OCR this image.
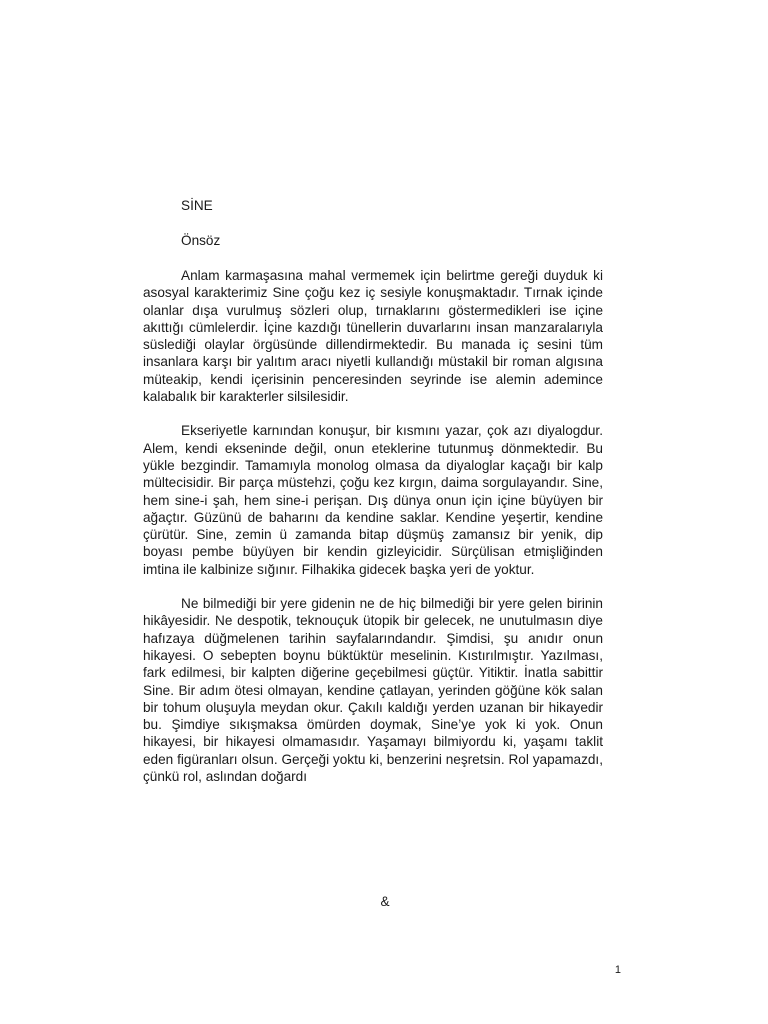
SİNE
Önsöz

Anlam karmaşasına mahal vermemek için belirtme gereği duyduk ki asosyal karakterimiz Sine çoğu kez iç sesiyle konuşmaktadır. Tırnak içinde olanlar dışa vurulmuş sözleri olup, tırnaklarını göstermedikleri ise içine akıttığı cümlelerdir. İçine kazdığı tünellerin duvarlarını insan manzaralarıyla süslediği olaylar örgüsünde dillendirmektedir. Bu manada iç sesini tüm insanlara karşı bir yalıtım aracı niyetli kullandığı müstakil bir roman algısına müteakip, kendi içerisinin penceresinden seyrinde ise alemin ademince kalabalık bir karakterler silsilesidir.

Ekseriyetle karnından konuşur, bir kısmını yazar, çok azı diyalogdur. Alem, kendi ekseninde değil, onun eteklerine tutunmuş dönmektedir. Bu yükle bezgindir. Tamamıyla monolog olmasa da diyaloglar kaçağı bir kalp mültecisidir. Bir parça müstehzi, çoğu kez kırgın, daima sorgulayandır. Sine, hem sine-i şah, hem sine-i perişan. Dış dünya onun için içine büyüyen bir ağaçtır. Güzünü de baharını da kendine saklar. Kendine yeşertir, kendine çürütür. Sine, zemin ü zamanda bitap düşmüş zamansız bir yenik, dip boyası pembe büyüyen bir kendin gizleyicidir. Sürçülisan etmişliğinden imtina ile kalbinize sığınır. Filhakika gidecek başka yeri de yoktur.

Ne bilmediği bir yere gidenin ne de hiç bilmediği bir yere gelen birinin hikâyesidir. Ne despotik, teknouçuk ütopik bir gelecek, ne unutulmasın diye hafızaya düğmelenen tarihin sayfalarındandır. Şimdisi, şu anıdır onun hikayesi. O sebepten boynu büktüktür meselinin. Kıstırılmıştır. Yazılması, fark edilmesi, bir kalpten diğerine geçebilmesi güçtür. Yitiktir. İnatla sabittir Sine. Bir adım ötesi olmayan, kendine çatlayan, yerinden göğüne kök salan bir tohum oluşuyla meydan okur. Çakılı kaldığı yerden uzanan bir hikayedir bu. Şimdiye sıkışmaksa ömürden doymak, Sine’ye yok ki yok. Onun hikayesi, bir hikayesi olmamasıdır. Yaşamayı bilmiyordu ki, yaşamı taklit eden figüranları olsun. Gerçeği yoktu ki, benzerini neşretsin. Rol yapamazdı, çünkü rol, aslından doğardı

&
1
